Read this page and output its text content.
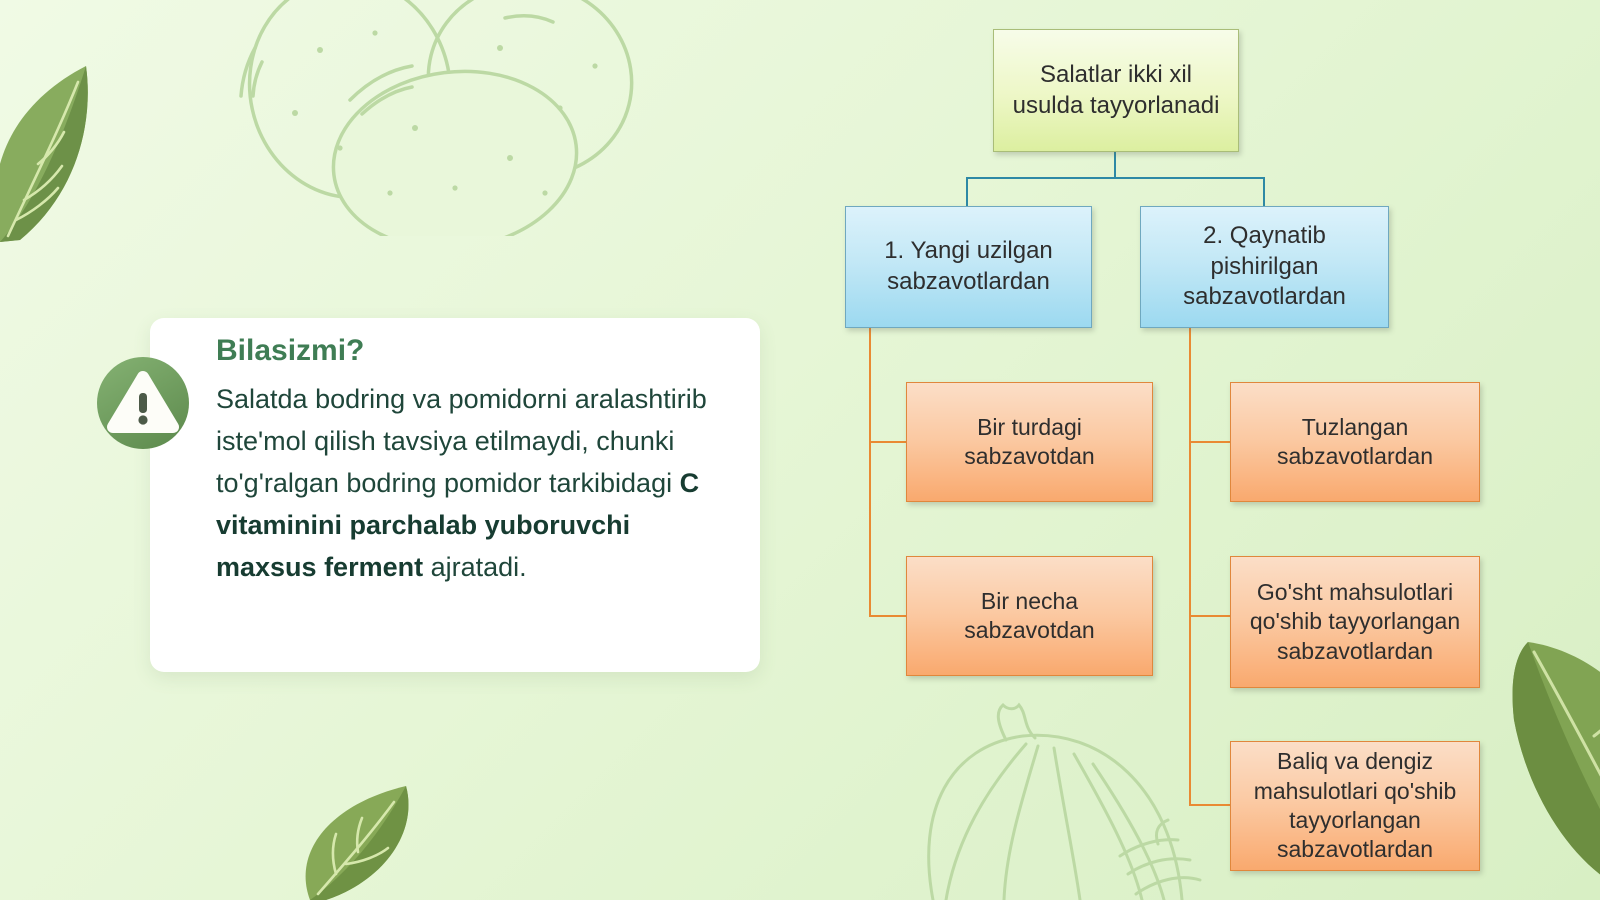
Bilasizmi?
Salatda bodring va pomidorni aralashtirib iste'mol qilish tavsiya etilmaydi, chunki to'g'ralgan bodring pomidor tarkibidagi C vitaminini parchalab yuboruvchi maxsus ferment ajratadi.
Salatlar ikki xil usulda tayyorlanadi
1. Yangi uzilgan sabzavotlardan
2. Qaynatib pishirilgan sabzavotlardan
Bir turdagi sabzavotdan
Bir necha sabzavotdan
Tuzlangan sabzavotlardan
Go'sht mahsulotlari qo'shib tayyorlangan sabzavotlardan
Baliq va dengiz mahsulotlari qo'shib tayyorlangan sabzavotlardan
